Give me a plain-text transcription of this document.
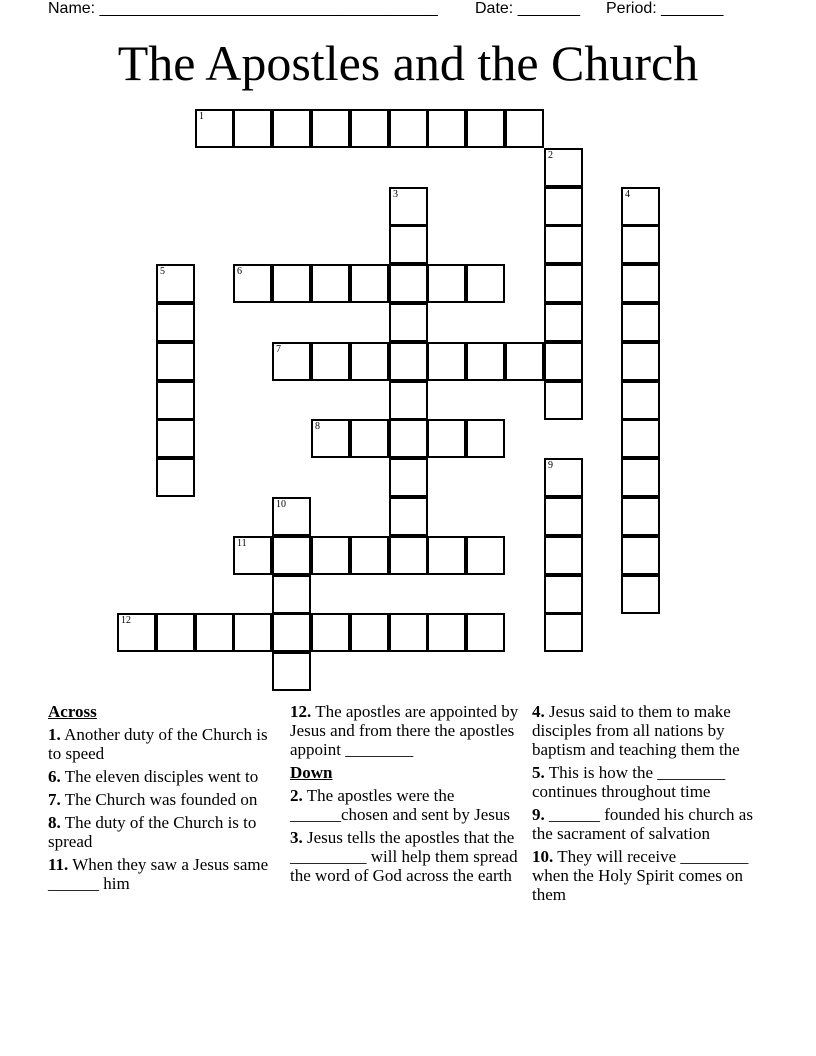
Name: ______________________________________ Date: _______ Period: _______
The Apostles and the Church
1
2
3	4
5	6
7
8
9
10
11
12

Across

1. Another duty of the Church is to speed

6. The eleven disciples went to

7. The Church was founded on

8. The duty of the Church is to spread

11. When they saw a Jesus same ______ him

12. The apostles are appointed by Jesus and from there the apostles appoint ________

Down

2. The apostles were the ______chosen and sent by Jesus

3. Jesus tells the apostles that the _________ will help them spread the word of God across the earth

4. Jesus said to them to make disciples from all nations by baptism and teaching them the

5. This is how the ________ continues throughout time

9. ______ founded his church as the sacrament of salvation

10. They will receive ________ when the Holy Spirit comes on them
